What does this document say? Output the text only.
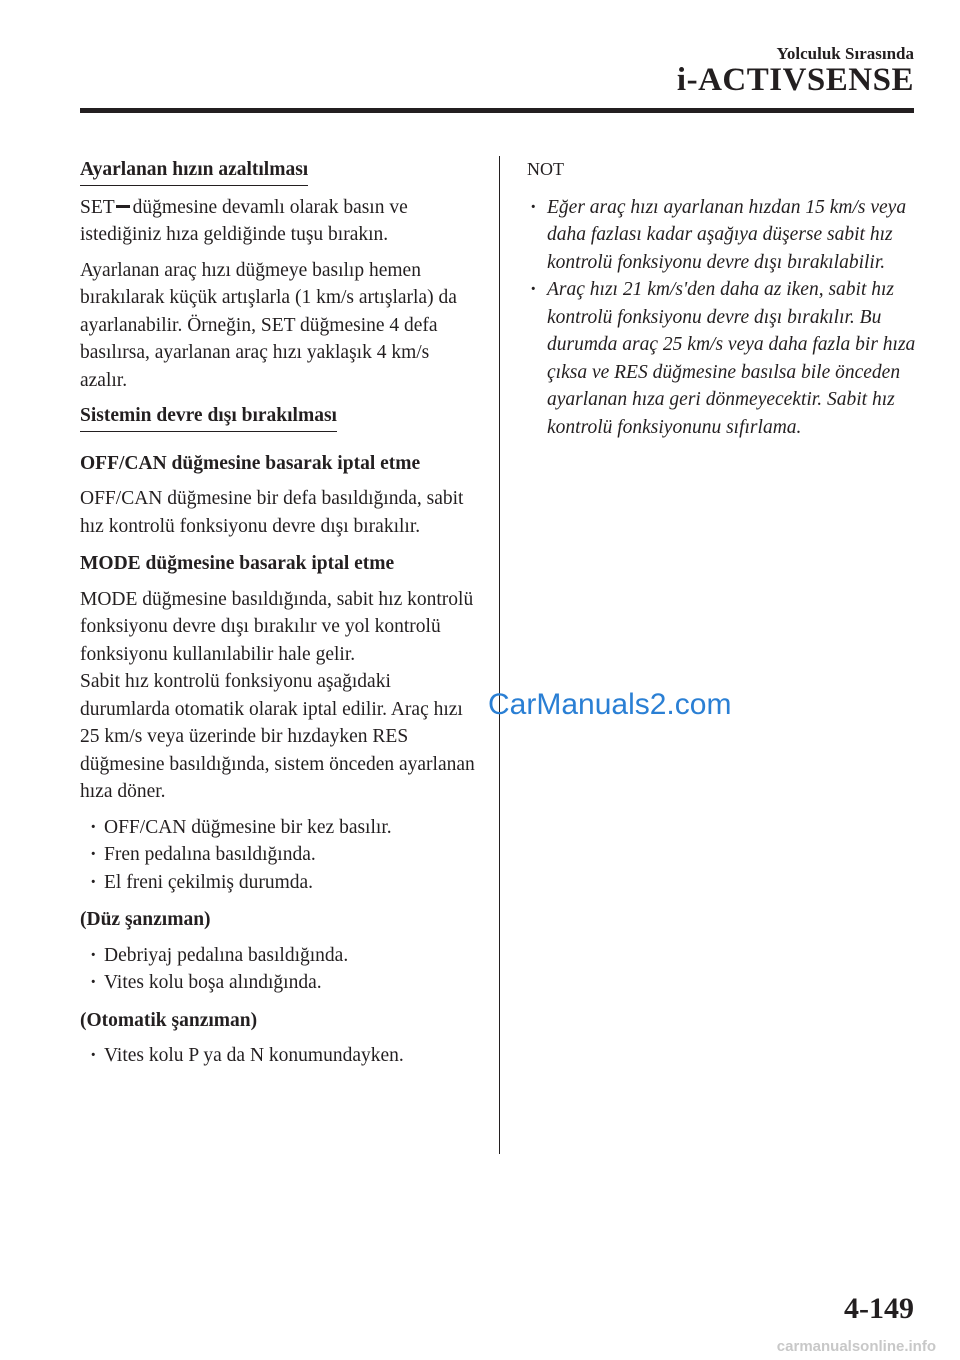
Yolculuk Sırasında
i-ACTIVSENSE
Ayarlanan hızın azaltılması

SET düğmesine devamlı olarak basın ve istediğiniz hıza geldiğinde tuşu bırakın.

Ayarlanan araç hızı düğmeye basılıp hemen bırakılarak küçük artışlarla (1 km/s artışlarla) da ayarlanabilir. Örneğin, SET düğmesine 4 defa basılırsa, ayarlanan araç hızı yaklaşık 4 km/s azalır.

Sistemin devre dışı bırakılması
OFF/CAN düğmesine basarak iptal etme

OFF/CAN düğmesine bir defa basıldığında, sabit hız kontrolü fonksiyonu devre dışı bırakılır.

MODE düğmesine basarak iptal etme

MODE düğmesine basıldığında, sabit hız kontrolü fonksiyonu devre dışı bırakılır ve yol kontrolü fonksiyonu kullanılabilir hale gelir.

Sabit hız kontrolü fonksiyonu aşağıdaki durumlarda otomatik olarak iptal edilir. Araç hızı 25 km/s veya üzerinde bir hızdayken RES düğmesine basıldığında, sistem önceden ayarlanan hıza döner.

· OFF/CAN düğmesine bir kez basılır.
· Fren pedalına basıldığında.
· El freni çekilmiş durumda.
(Düz şanzıman)
· Debriyaj pedalına basıldığında.
· Vites kolu boşa alındığında.
(Otomatik şanzıman)
· Vites kolu P ya da N konumundayken.
NOT
· Eğer araç hızı ayarlanan hızdan 15 km/s veya daha fazlası kadar aşağıya düşerse sabit hız kontrolü fonksiyonu devre dışı bırakılabilir.
· Araç hızı 21 km/s'den daha az iken, sabit hız kontrolü fonksiyonu devre dışı bırakılır. Bu durumda araç 25 km/s veya daha fazla bir hıza çıksa ve RES düğmesine basılsa bile önceden ayarlanan hıza geri dönmeyecektir. Sabit hız kontrolü fonksiyonunu sıfırlama.
CarManuals2.com
4-149
carmanualsonline.info
